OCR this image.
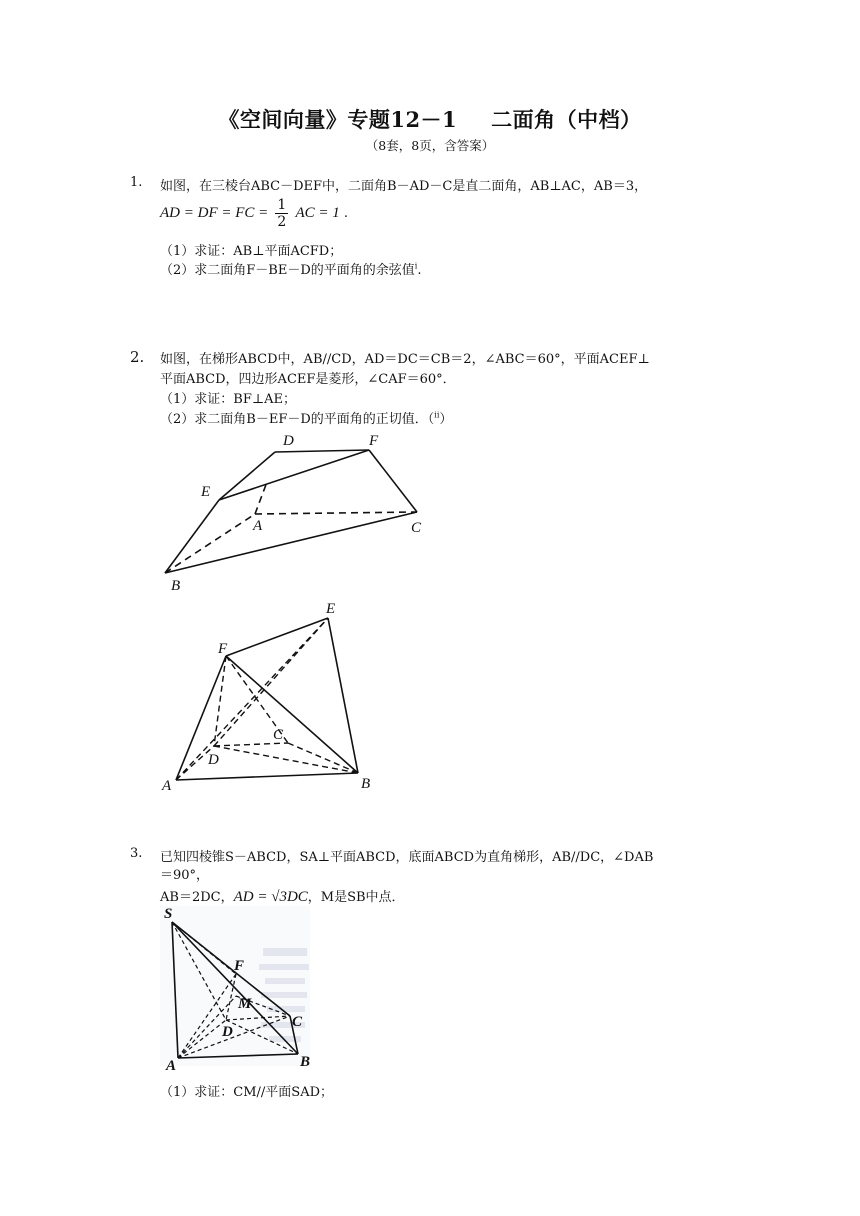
《空间向量》专题12－1 二面角（中档）
（8套，8页，含答案）
1. 如图，在三棱台ABC－DEF中，二面角B－AD－C是直二面角，AB⊥AC，AB＝3，
AD = DF = FC = $\frac{1}{2}$ AC = 1 .
（1）求证：AB⊥平面ACFD；
（2）求二面角F－BE－D的平面角的余弦值$^i$.
2. 如图，在梯形ABCD中，AB//CD，AD＝DC＝CB＝2，∠ABC＝60°，平面ACEF⊥
平面ABCD，四边形ACEF是菱形，∠CAF＝60°．
（1）求证：BF⊥AE；
（2）求二面角B－EF－D的平面角的正切值．（$^{ii}$）
D	F
E
A	C
B
E
F
C
D
A	B
3. 已知四棱锥S－ABCD，SA⊥平面ABCD，底面ABCD为直角梯形，AB//DC，∠DAB
＝90°，
AB＝2DC，AD = √3DC，M是SB中点．
S
F
M
D
C
A	B
（1）求证：CM//平面SAD；
